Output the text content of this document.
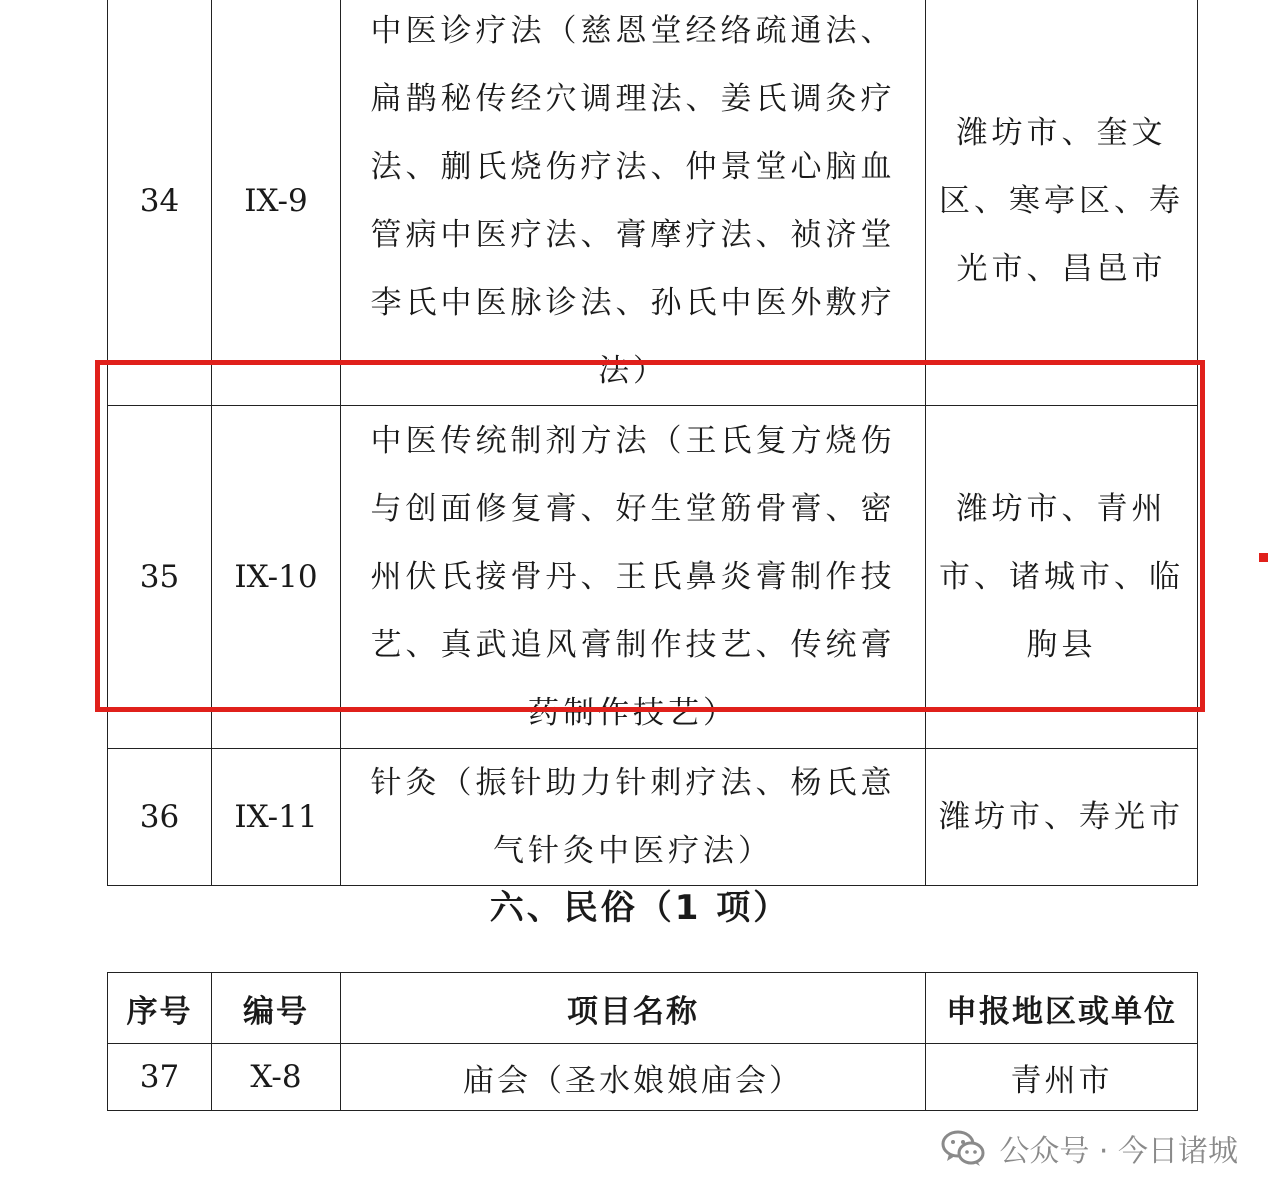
34	IX-9	中医诊疗法（慈恩堂经络疏通法、扁鹊秘传经穴调理法、姜氏调灸疗法、蒯氏烧伤疗法、仲景堂心脑血管病中医疗法、膏摩疗法、祯济堂李氏中医脉诊法、孙氏中医外敷疗法）	潍坊市、奎文区、寒亭区、寿光市、昌邑市
35	IX-10	中医传统制剂方法（王氏复方烧伤与创面修复膏、好生堂筋骨膏、密州伏氏接骨丹、王氏鼻炎膏制作技艺、真武追风膏制作技艺、传统膏药制作技艺）	潍坊市、青州市、诸城市、临朐县
36	IX-11	针灸（振针助力针刺疗法、杨氏意气针灸中医疗法）	潍坊市、寿光市
六、民俗（1 项）
序号	编号	项目名称	申报地区或单位
37	X-8	庙会（圣水娘娘庙会）	青州市
公众号 · 今日诸城
